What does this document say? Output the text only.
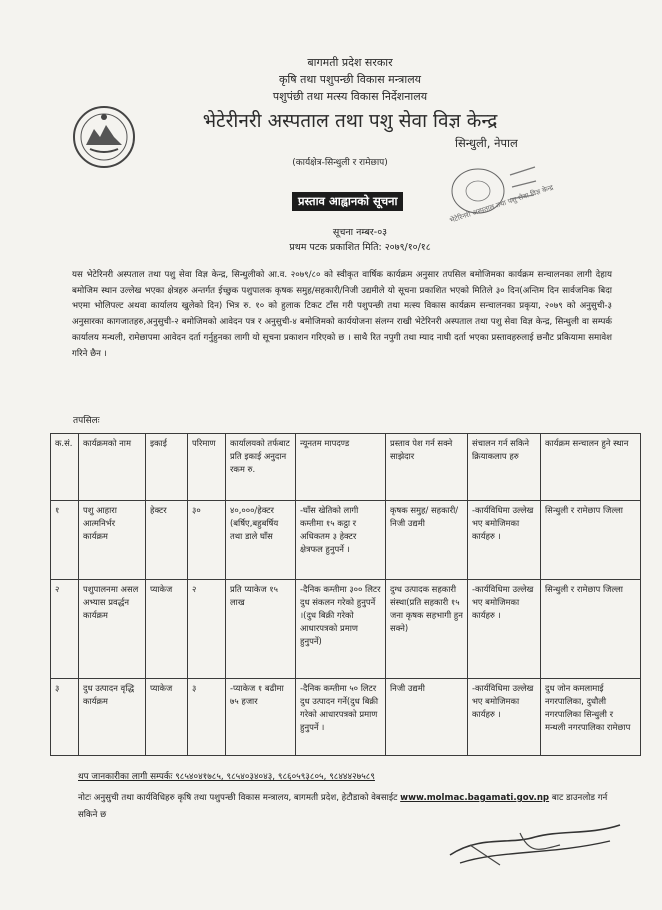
बागमती प्रदेश सरकार
कृषि तथा पशुपन्छी विकास मन्त्रालय
पशुपंछी तथा मत्स्य विकास निर्देशनालय
भेटेरीनरी अस्पताल तथा पशु सेवा विज्ञ केन्द्र
सिन्धुली, नेपाल
(कार्यक्षेत्र-सिन्धुली र रामेछाप)
प्रस्ताव आह्वानको सूचना	भेटेरिनरी अस्पताल तथा पशु सेवा विज्ञ केन्द्र
सूचना नम्बर-०३
प्रथम पटक प्रकाशित मिति: २०७९/१०/१८
यस भेटेरिनरी अस्पताल तथा पशु सेवा विज्ञ केन्द्र, सिन्धुलीको आ.व. २०७९/८० को स्वीकृत वार्षिक कार्यक्रम अनुसार तपसिल बमोजिमका कार्यक्रम सन्चालनका लागी देहाय बमोजिम स्थान उल्लेख भएका क्षेत्रहरु अन्तर्गत ईच्छुक पशुपालक कृषक समुह/सहकारी/निजी उद्यमीले यो सूचना प्रकाशित भएको मितिले ३० दिन(अन्तिम दिन सार्वजनिक बिदा भएमा भोलिपल्ट अथवा कार्यालय खुलेको दिन) भित्र रु. १० को हुलाक टिकट टाँस गरी पशुपन्छी तथा मत्स्य विकास कार्यक्रम सन्चालनका प्रकृया, २०७९ को अनुसुची-३ अनुसारका कागजातहरु,अनुसुची-२ बमोजिमको आवेदन पत्र र अनुसुची-४ बमोजिमको कार्ययोजना संलग्न राखी भेटेरिनरी अस्पताल तथा पशु सेवा विज्ञ केन्द्र, सिन्धुली वा सम्पर्क कार्यालय मन्थली, रामेछापमा आवेदन दर्ता गर्नुहुनका लागी यो सूचना प्रकाशन गरिएको छ । साथै रित नपुगी तथा म्याद नाघी दर्ता भएका प्रस्तावहरुलाई छनौट प्रकियामा समावेश गरिने छैन ।
तपसिलः
क.सं.	कार्यक्रमको नाम	इकाई	परिमाण	कार्यालयको तर्फबाट प्रति इकाई अनुदान रकम रु.	न्यूनतम मापदण्ड	प्रस्ताव पेश गर्न सक्ने साझेदार	संचालन गर्न सकिने क्रियाकलाप हरु	कार्यक्रम सन्चालन हुने स्थान
१	पशु आहारा आत्मनिर्भर कार्यक्रम	हेक्टर	३०	४०,०००/हेक्टर (बर्षिए,बहुबर्षिय तथा डाले घाँस	-घाँस खेतिको लागी कम्तीमा १५ कट्ठा र अधिकतम ३ हेक्टर क्षेत्रफल हुनुपर्ने ।	कृषक समुह/ सहकारी/निजी उद्यमी	-कार्यविधिमा उल्लेख भए बमोजिमका कार्यहरु ।	सिन्धुली र रामेछाप जिल्ला
२	पशुपालनमा असल अभ्यास प्रवर्द्धन कार्यक्रम	प्याकेज	२	प्रति प्याकेज १५ लाख	-दैनिक कम्तीमा ३०० लिटर दुध संकलन गरेको हुनुपर्ने ।(दुध बिक्री गरेको आधारपत्रको प्रमाण हुनुपर्ने)	दुग्ध उत्पादक सहकारी संस्था(प्रति सहकारी १५ जना कृषक सहभागी हुन सक्ने)	-कार्यविधिमा उल्लेख भए बमोजिमका कार्यहरु ।	सिन्धुली र रामेछाप जिल्ला
३	दुध उत्पादन वृद्धि कार्यक्रम	प्याकेज	३	-प्याकेज १ बढीमा ७५ हजार	-दैनिक कम्तीमा ५० लिटर दुध उत्पादन गर्ने(दुध बिक्री गरेको आधारपत्रको प्रमाण हुनुपर्ने ।	निजी उद्यमी	-कार्यविधिमा उल्लेख भए बमोजिमका कार्यहरु ।	दुध जोन कमलामाई नगरपालिका, दुधौली नगरपालिका सिन्धुली र मन्थली नगरपालिका रामेछाप
थप जानकारीका लागी सम्पर्कः ९८५४०४१७८५, ९८५४०३४०४३, ९८६०५९३८०५, ९८४४४२७५८९
नोटः अनुसुची तथा कार्यविधिहरु कृषि तथा पशुपन्छी विकास मन्त्रालय, बागमती प्रदेश, हेटौडाको वेबसाईट www.molmac.bagamati.gov.np बाट डाउनलोड गर्न सकिने छ
